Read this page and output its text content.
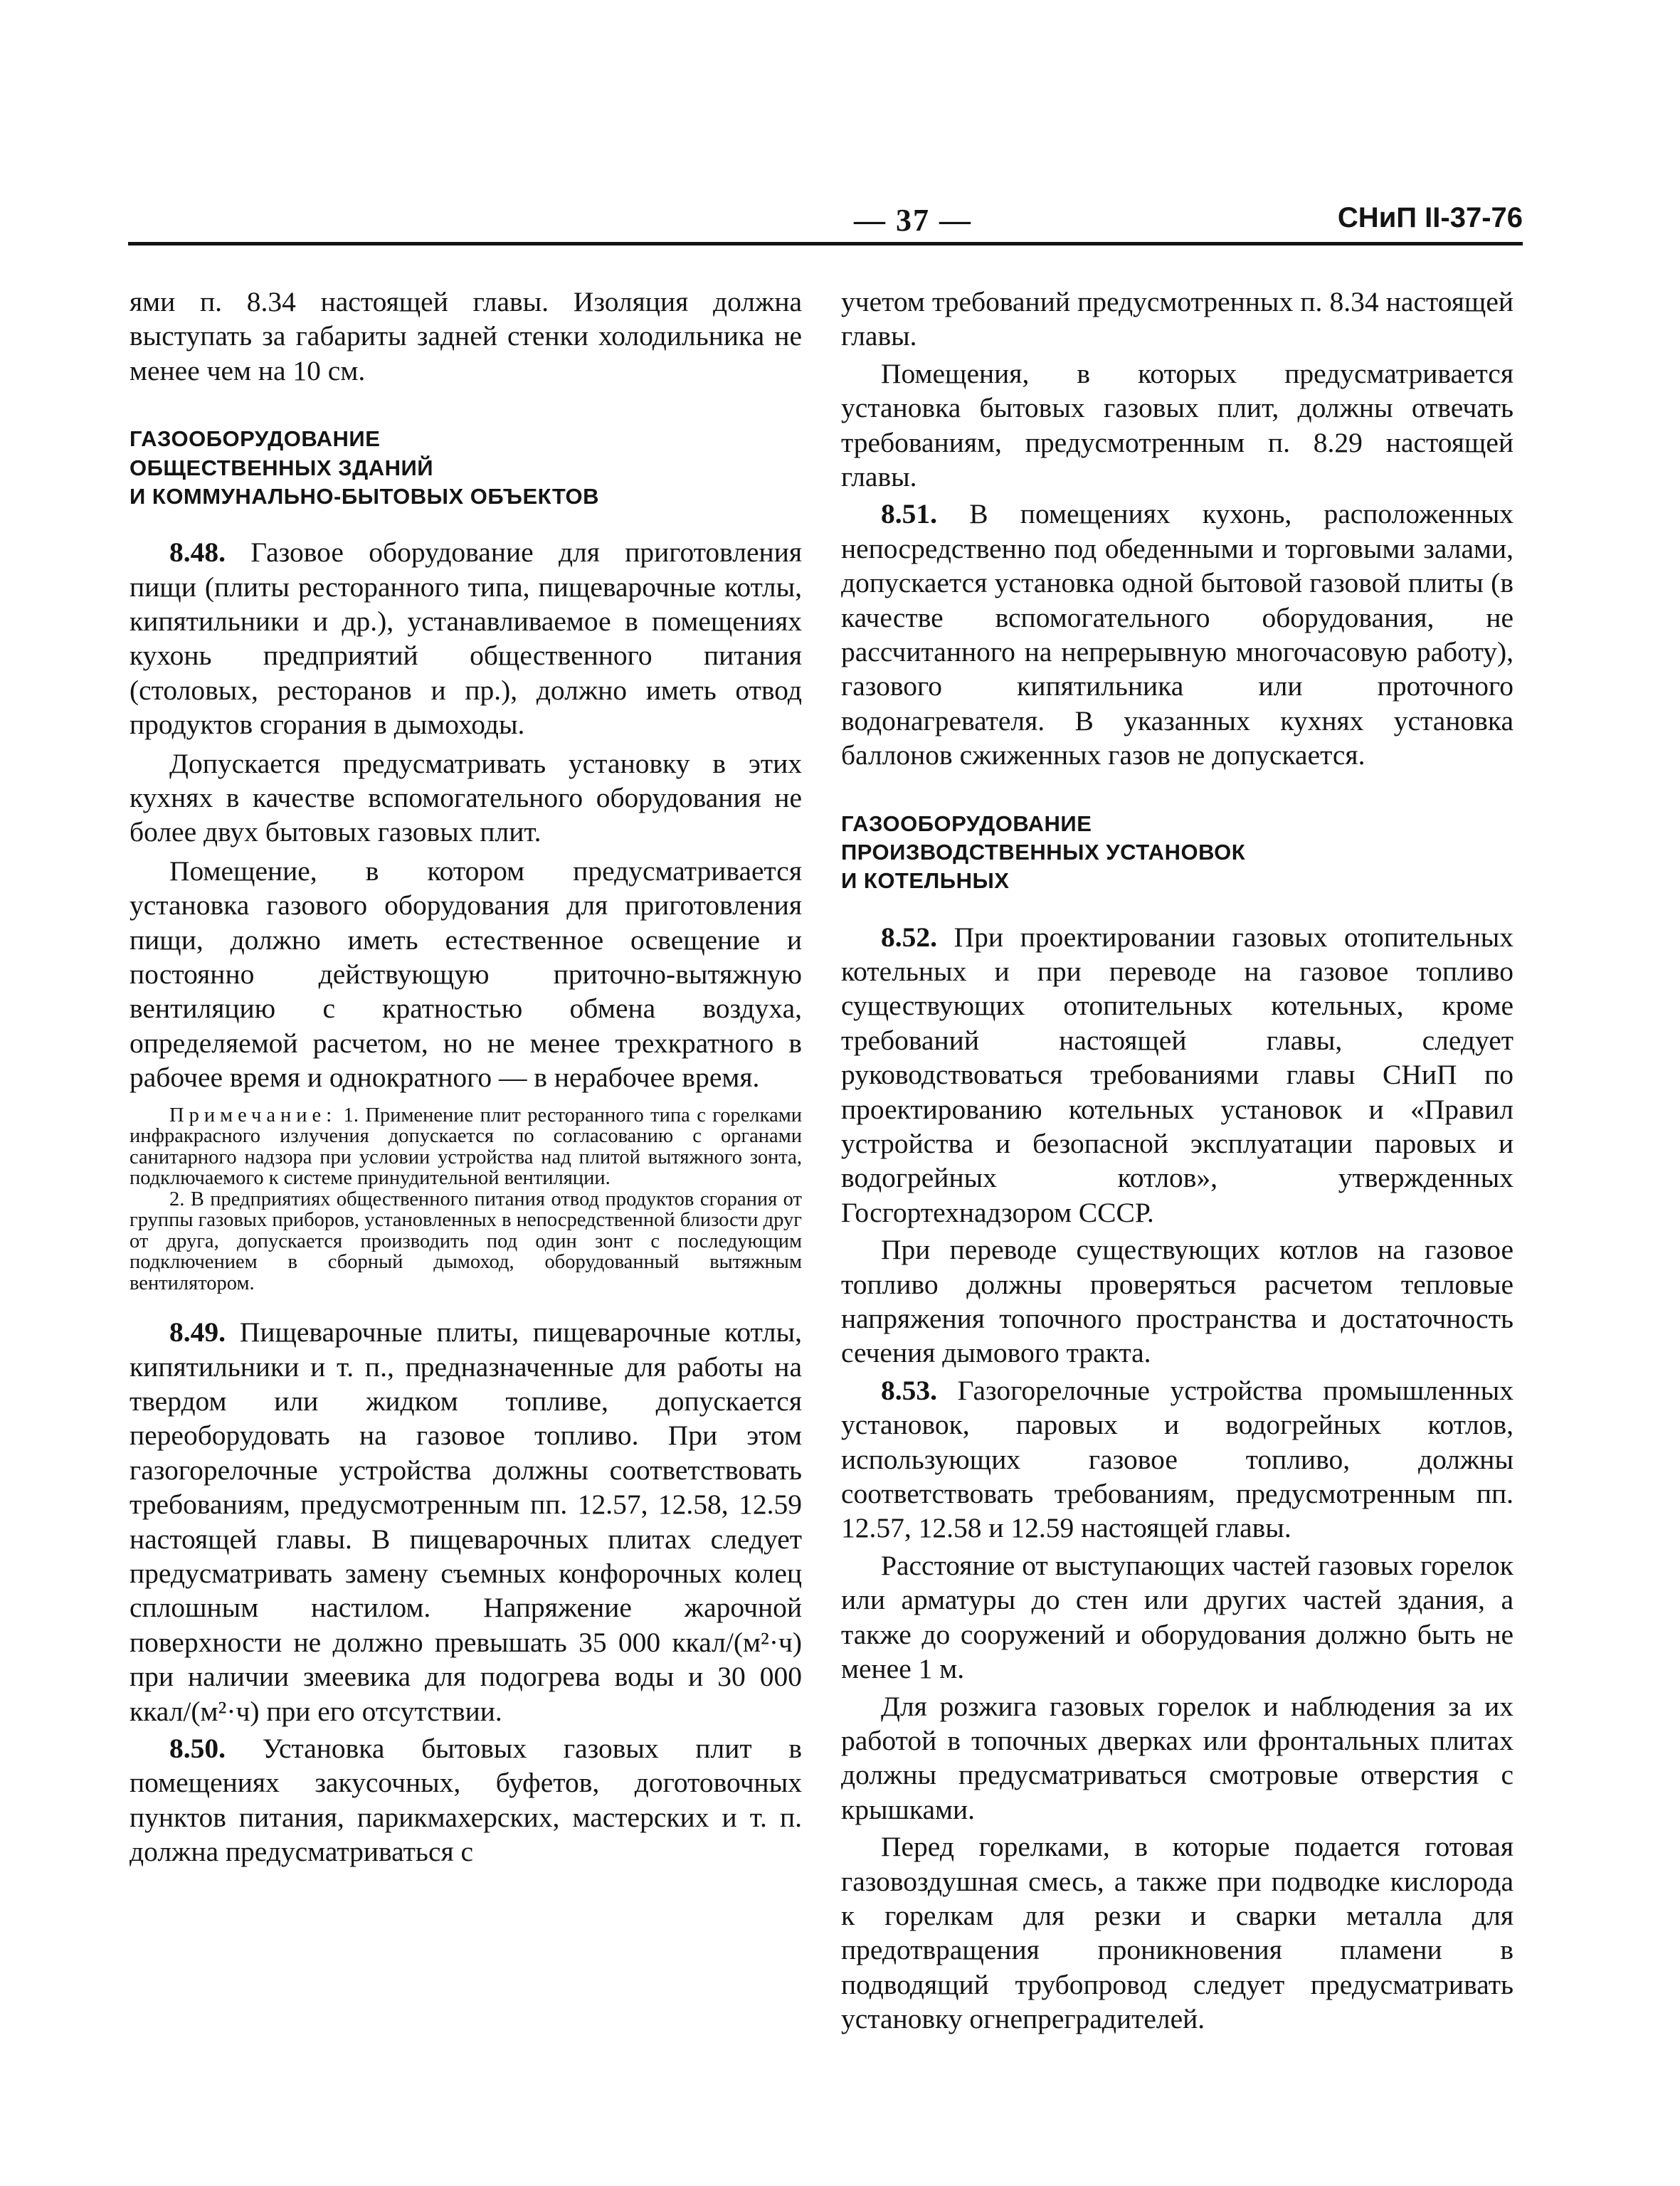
— 37 —	СНиП II-37-76

ями п. 8.34 настоящей главы. Изоляция должна выступать за габариты задней стенки холодильника не менее чем на 10 см.

ГАЗООБОРУДОВАНИЕ
ОБЩЕСТВЕННЫХ ЗДАНИЙ
И КОММУНАЛЬНО-БЫТОВЫХ ОБЪЕКТОВ

8.48. Газовое оборудование для приготовления пищи (плиты ресторанного типа, пищеварочные котлы, кипятильники и др.), устанавливаемое в помещениях кухонь предприятий общественного питания (столовых, ресторанов и пр.), должно иметь отвод продуктов сгорания в дымоходы.

Допускается предусматривать установку в этих кухнях в качестве вспомогательного оборудования не более двух бытовых газовых плит.

Помещение, в котором предусматривается установка газового оборудования для приготовления пищи, должно иметь естественное освещение и постоянно действующую приточно-вытяжную вентиляцию с кратностью обмена воздуха, определяемой расчетом, но не менее трехкратного в рабочее время и однократного — в нерабочее время.

Примечание: 1. Применение плит ресторанного типа с горелками инфракрасного излучения допускается по согласованию с органами санитарного надзора при условии устройства над плитой вытяжного зонта, подключаемого к системе принудительной вентиляции.

2. В предприятиях общественного питания отвод продуктов сгорания от группы газовых приборов, установленных в непосредственной близости друг от друга, допускается производить под один зонт с последующим подключением в сборный дымоход, оборудованный вытяжным вентилятором.

8.49. Пищеварочные плиты, пищеварочные котлы, кипятильники и т. п., предназначенные для работы на твердом или жидком топливе, допускается переоборудовать на газовое топливо. При этом газогорелочные устройства должны соответствовать требованиям, предусмотренным пп. 12.57, 12.58, 12.59 настоящей главы. В пищеварочных плитах следует предусматривать замену съемных конфорочных колец сплошным настилом. Напряжение жарочной поверхности не должно превышать 35 000 ккал/(м²·ч) при наличии змеевика для подогрева воды и 30 000 ккал/(м²·ч) при его отсутствии.

8.50. Установка бытовых газовых плит в помещениях закусочных, буфетов, доготовочных пунктов питания, парикмахерских, мастерских и т. п. должна предусматриваться с

учетом требований предусмотренных п. 8.34 настоящей главы.

Помещения, в которых предусматривается установка бытовых газовых плит, должны отвечать требованиям, предусмотренным п. 8.29 настоящей главы.

8.51. В помещениях кухонь, расположенных непосредственно под обеденными и торговыми залами, допускается установка одной бытовой газовой плиты (в качестве вспомогательного оборудования, не рассчитанного на непрерывную многочасовую работу), газового кипятильника или проточного водонагревателя. В указанных кухнях установка баллонов сжиженных газов не допускается.

ГАЗООБОРУДОВАНИЕ
ПРОИЗВОДСТВЕННЫХ УСТАНОВОК
И КОТЕЛЬНЫХ

8.52. При проектировании газовых отопительных котельных и при переводе на газовое топливо существующих отопительных котельных, кроме требований настоящей главы, следует руководствоваться требованиями главы СНиП по проектированию котельных установок и «Правил устройства и безопасной эксплуатации паровых и водогрейных котлов», утвержденных Госгортехнадзором СССР.

При переводе существующих котлов на газовое топливо должны проверяться расчетом тепловые напряжения топочного пространства и достаточность сечения дымового тракта.

8.53. Газогорелочные устройства промышленных установок, паровых и водогрейных котлов, использующих газовое топливо, должны соответствовать требованиям, предусмотренным пп. 12.57, 12.58 и 12.59 настоящей главы.

Расстояние от выступающих частей газовых горелок или арматуры до стен или других частей здания, а также до сооружений и оборудования должно быть не менее 1 м.

Для розжига газовых горелок и наблюдения за их работой в топочных дверках или фронтальных плитах должны предусматриваться смотровые отверстия с крышками.

Перед горелками, в которые подается готовая газовоздушная смесь, а также при подводке кислорода к горелкам для резки и сварки металла для предотвращения проникновения пламени в подводящий трубопровод следует предусматривать установку огнепреградителей.
